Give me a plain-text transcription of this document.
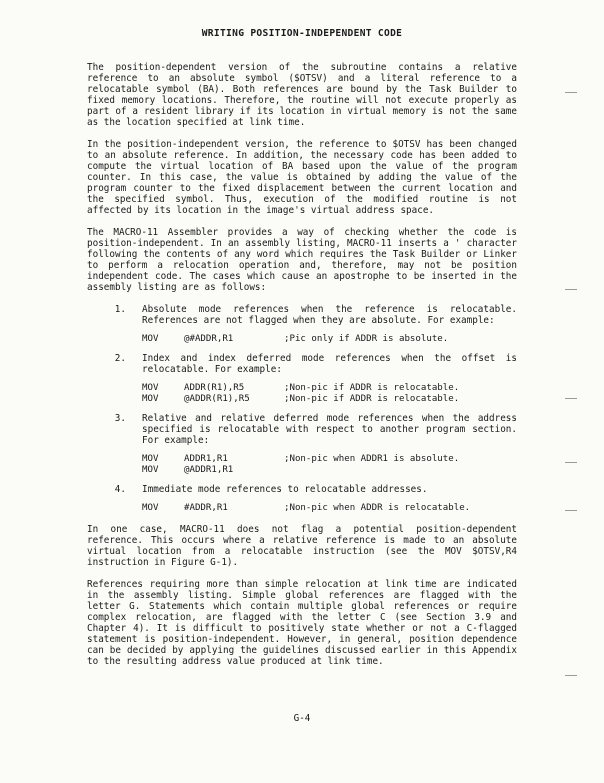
WRITING POSITION-INDEPENDENT CODE

The position-dependent version of the subroutine contains a relative reference to an absolute symbol ($OTSV) and a literal reference to a relocatable symbol (BA). Both references are bound by the Task Builder to fixed memory locations. Therefore, the routine will not execute properly as part of a resident library if its location in virtual memory is not the same as the location specified at link time.

In the position-independent version, the reference to $OTSV has been changed to an absolute reference. In addition, the necessary code has been added to compute the virtual location of BA based upon the value of the program counter. In this case, the value is obtained by adding the value of the program counter to the fixed displacement between the current location and the specified symbol. Thus, execution of the modified routine is not affected by its location in the image's virtual address space.

The MACRO-11 Assembler provides a way of checking whether the code is position-independent. In an assembly listing, MACRO-11 inserts a ' character following the contents of any word which requires the Task Builder or Linker to perform a relocation operation and, therefore, may not be position independent code. The cases which cause an apostrophe to be inserted in the assembly listing are as follows:

1.	Absolute mode references when the reference is relocatable. References are not flagged when they are absolute. For example:

MOV	@#ADDR,R1	;Pic only if ADDR is absolute.
2.	Index and index deferred mode references when the offset is relocatable. For example:

MOV	ADDR(R1),R5	;Non-pic if ADDR is relocatable.
MOV	@ADDR(R1),R5	;Non-pic if ADDR is relocatable.
3.	Relative and relative deferred mode references when the address specified is relocatable with respect to another program section. For example:

MOV	ADDR1,R1	;Non-pic when ADDR1 is absolute.
MOV	@ADDR1,R1
4.	Immediate mode references to relocatable addresses.

MOV	#ADDR,R1	;Non-pic when ADDR is relocatable.

In one case, MACRO-11 does not flag a potential position-dependent reference. This occurs where a relative reference is made to an absolute virtual location from a relocatable instruction (see the MOV $OTSV,R4 instruction in Figure G-1).

References requiring more than simple relocation at link time are indicated in the assembly listing. Simple global references are flagged with the letter G. Statements which contain multiple global references or require complex relocation, are flagged with the letter C (see Section 3.9 and Chapter 4). It is difficult to positively state whether or not a C-flagged statement is position-independent. However, in general, position dependence can be decided by applying the guidelines discussed earlier in this Appendix to the resulting address value produced at link time.

G-4
